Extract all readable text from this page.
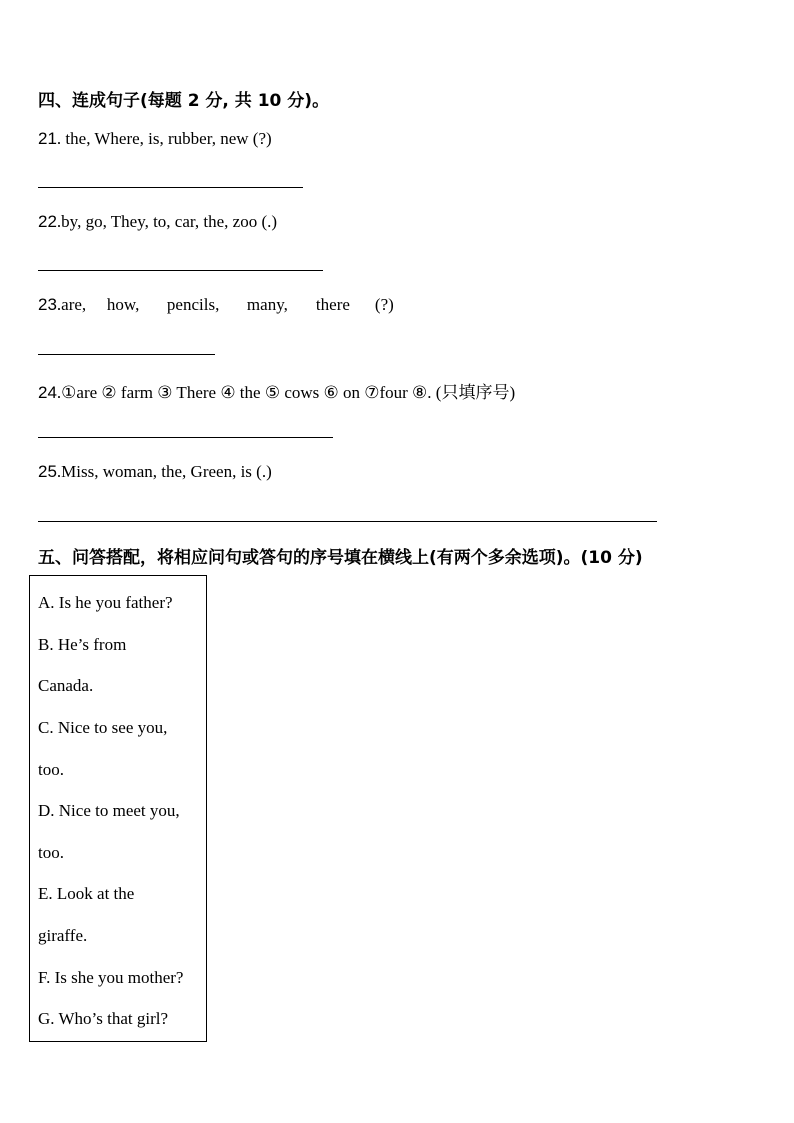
四、连成句子(每题 2 分, 共 10 分)。
21. the, Where, is, rubber, new (?)
22.by, go, They, to, car, the, zoo (.)
23.are, how, pencils, many, there (?)
24.①are ② farm ③ There ④ the ⑤ cows ⑥ on ⑦four ⑧. (只填序号)
25.Miss, woman, the, Green, is (.)
五、问答搭配，将相应问句或答句的序号填在横线上(有两个多余选项)。(10 分)
A. Is he you father?
B. He’s from
Canada.
C. Nice to see you,
too.
D. Nice to meet you,
too.
E. Look at the
giraffe.
F. Is she you mother?
G. Who’s that girl?
